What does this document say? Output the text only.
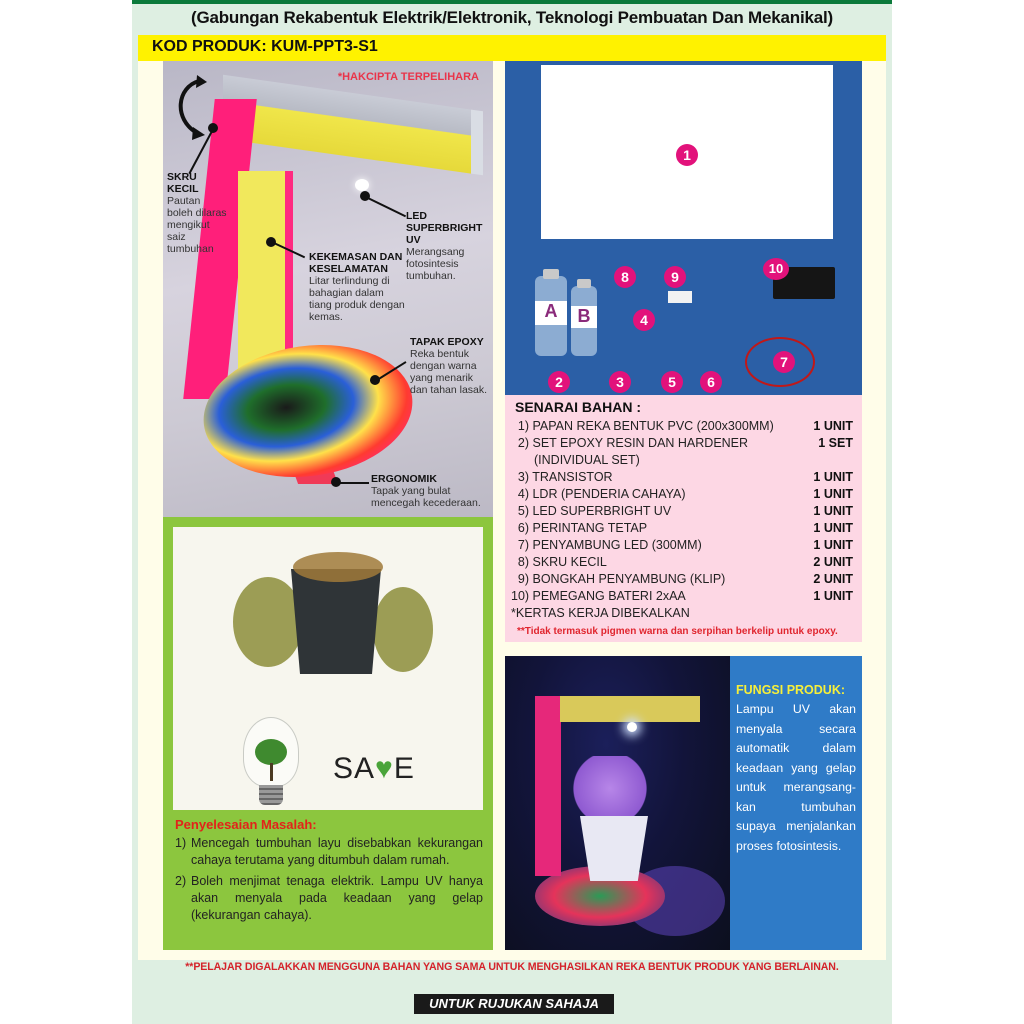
(Gabungan Rekabentuk Elektrik/Elektronik, Teknologi Pembuatan Dan Mekanikal)
KOD PRODUK: KUM-PPT3-S1
*HAKCIPTA TERPELIHARA
SKRU KECIL
Pautan boleh dilaras mengikut saiz tumbuhan
LED SUPERBRIGHT UV
Merangsang fotosintesis tumbuhan.
KEKEMASAN DAN KESELAMATAN
Litar terlindung di bahagian dalam tiang produk dengan kemas.
TAPAK EPOXY
Reka bentuk dengan warna yang menarik dan tahan lasak.
ERGONOMIK
Tapak yang bulat mencegah kecederaan.
1
A	B
2	3
4
5	6
7
8	9
10
SENARAI BAHAN :
1) PAPAN REKA BENTUK PVC (200x300MM)	1 UNIT
2) SET EPOXY RESIN DAN HARDENER	1 SET
(INDIVIDUAL SET)
3) TRANSISTOR	1 UNIT
4) LDR (PENDERIA CAHAYA)	1 UNIT
5) LED SUPERBRIGHT UV	1 UNIT
6) PERINTANG TETAP	1 UNIT
7) PENYAMBUNG LED (300MM)	1 UNIT
8) SKRU KECIL	2 UNIT
9) BONGKAH PENYAMBUNG (KLIP)	2 UNIT
10) PEMEGANG BATERI 2xAA	1 UNIT
*KERTAS KERJA DIBEKALKAN
**Tidak termasuk pigmen warna dan serpihan berkelip untuk epoxy.
SA♥E
Penyelesaian Masalah:
1) Mencegah tumbuhan layu disebabkan kekurangan cahaya terutama yang ditumbuh dalam rumah.
2) Boleh menjimat tenaga elektrik. Lampu UV hanya akan menyala pada keadaan yang gelap (kekurangan cahaya).
FUNGSI PRODUK:
Lampu UV akan menyala secara automatik dalam keadaan yang gelap untuk merangsang-kan tumbuhan supaya menjalankan proses fotosintesis.
**PELAJAR DIGALAKKAN MENGGUNA BAHAN YANG SAMA UNTUK MENGHASILKAN REKA BENTUK PRODUK YANG BERLAINAN.
UNTUK RUJUKAN SAHAJA
